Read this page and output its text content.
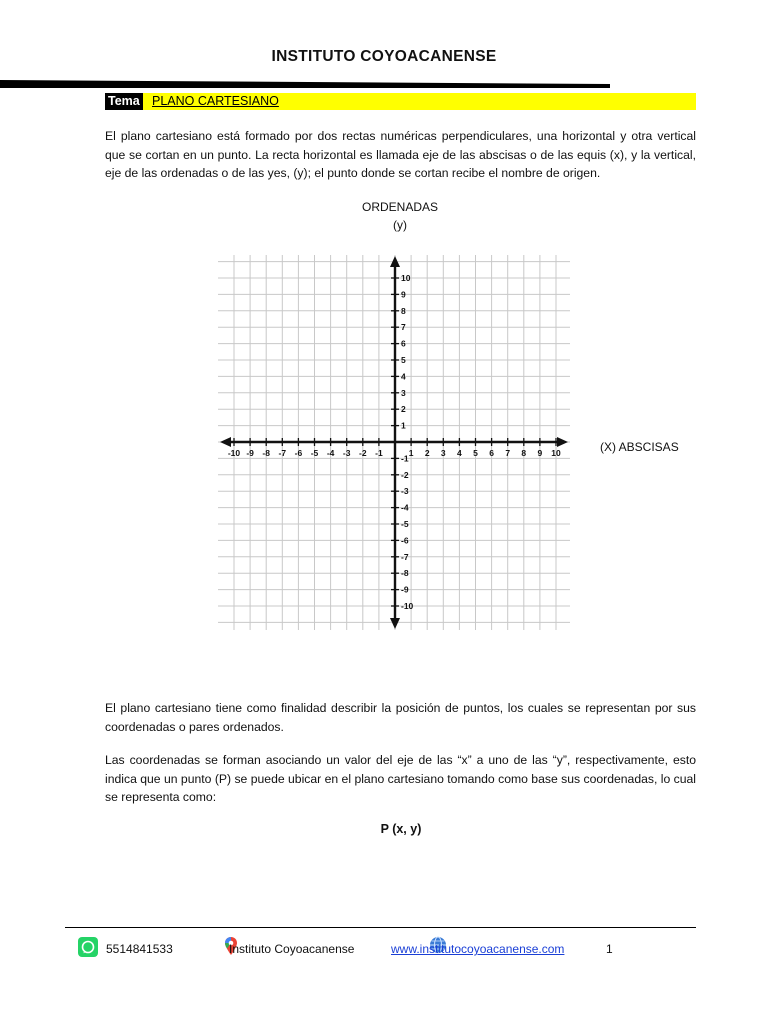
INSTITUTO COYOACANENSE
Tema PLANO CARTESIANO
El plano cartesiano está formado por dos rectas numéricas perpendiculares, una horizontal y otra vertical que se cortan en un punto. La recta horizontal es llamada eje de las abscisas o de las equis (x), y la vertical, eje de las ordenadas o de las yes, (y); el punto donde se cortan recibe el nombre de origen.
ORDENADAS
(y)
-10 -9 -8 -7 -6 -5 -4 -3 -2 -1	1 2 3 4 5 6 7 8 9 10
10
9
8
7
6
5
4
3
2
1
-1
-2
-3
-4
-5
-6
-7
-8
-9
-10
(X) ABSCISAS
El plano cartesiano tiene como finalidad describir la posición de puntos, los cuales se representan por sus coordenadas o pares ordenados.
Las coordenadas se forman asociando un valor del eje de las “x” a uno de las “y”, respectivamente, esto indica que un punto (P) se puede ubicar en el plano cartesiano tomando como base sus coordenadas, lo cual se representa como:
P (x, y)
5514841533	Instituto Coyoacanense	www.institutocoyoacanense.com	1
